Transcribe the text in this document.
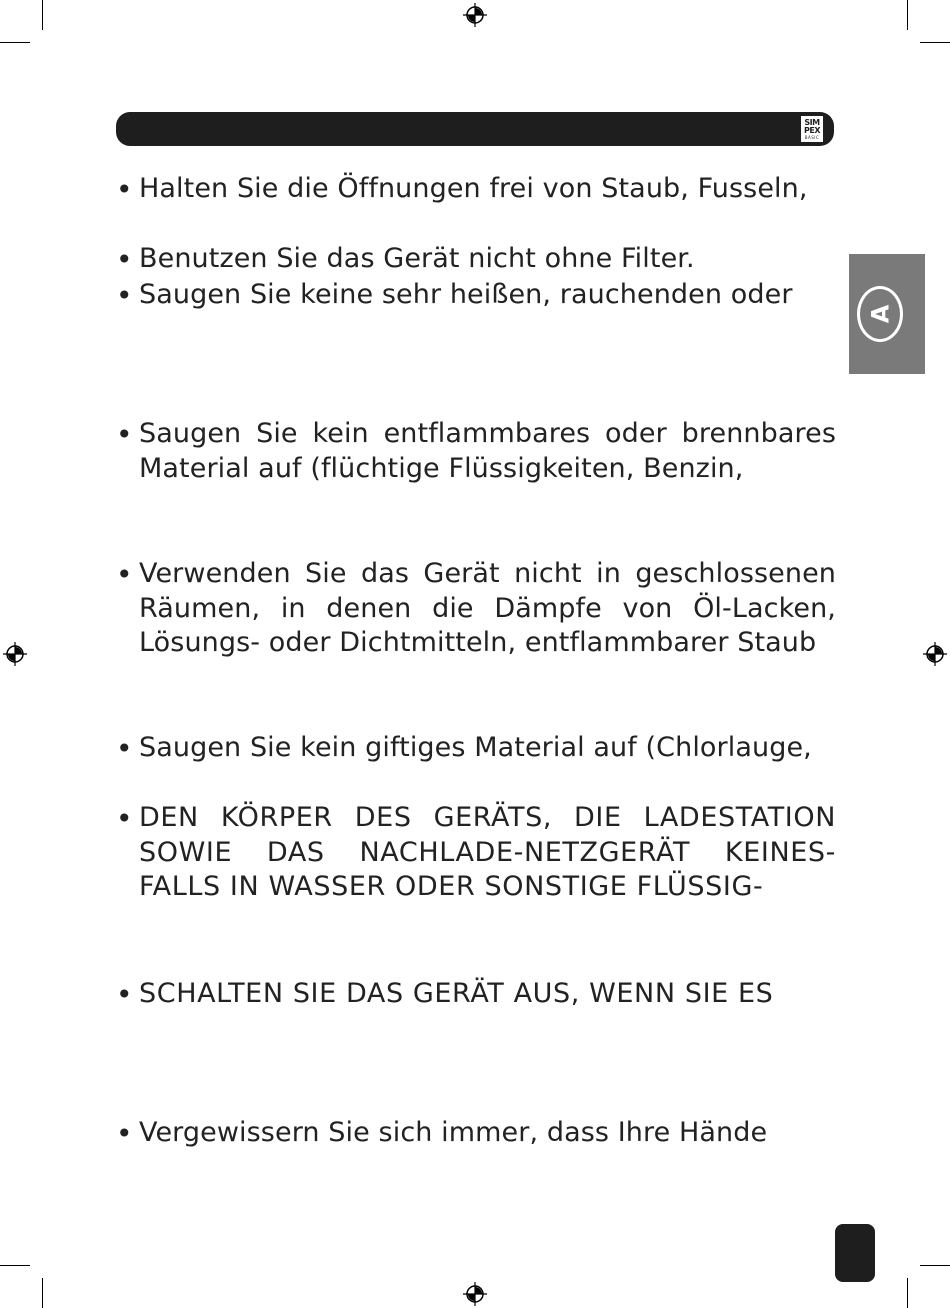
SIM
PEX
BASIC
A
• Halten Sie die Öffnungen frei von Staub, Fusseln,
• Benutzen Sie das Gerät nicht ohne Filter.
• Saugen Sie keine sehr heißen, rauchenden oder
• Saugen Sie kein entflammbares oder brennbares Material auf (flüchtige Flüssigkeiten, Benzin,
• Verwenden Sie das Gerät nicht in geschlossenen Räumen, in denen die Dämpfe von Öl-Lacken, Lösungs- oder Dichtmitteln, entflammbarer Staub
• Saugen Sie kein giftiges Material auf (Chlorlauge,
• DEN KÖRPER DES GERÄTS, DIE LADESTATION SOWIE DAS NACHLADE-NETZGERÄT KEINES-FALLS IN WASSER ODER SONSTIGE FLÜSSIG-
• SCHALTEN SIE DAS GERÄT AUS, WENN SIE ES
• Vergewissern Sie sich immer, dass Ihre Hände
